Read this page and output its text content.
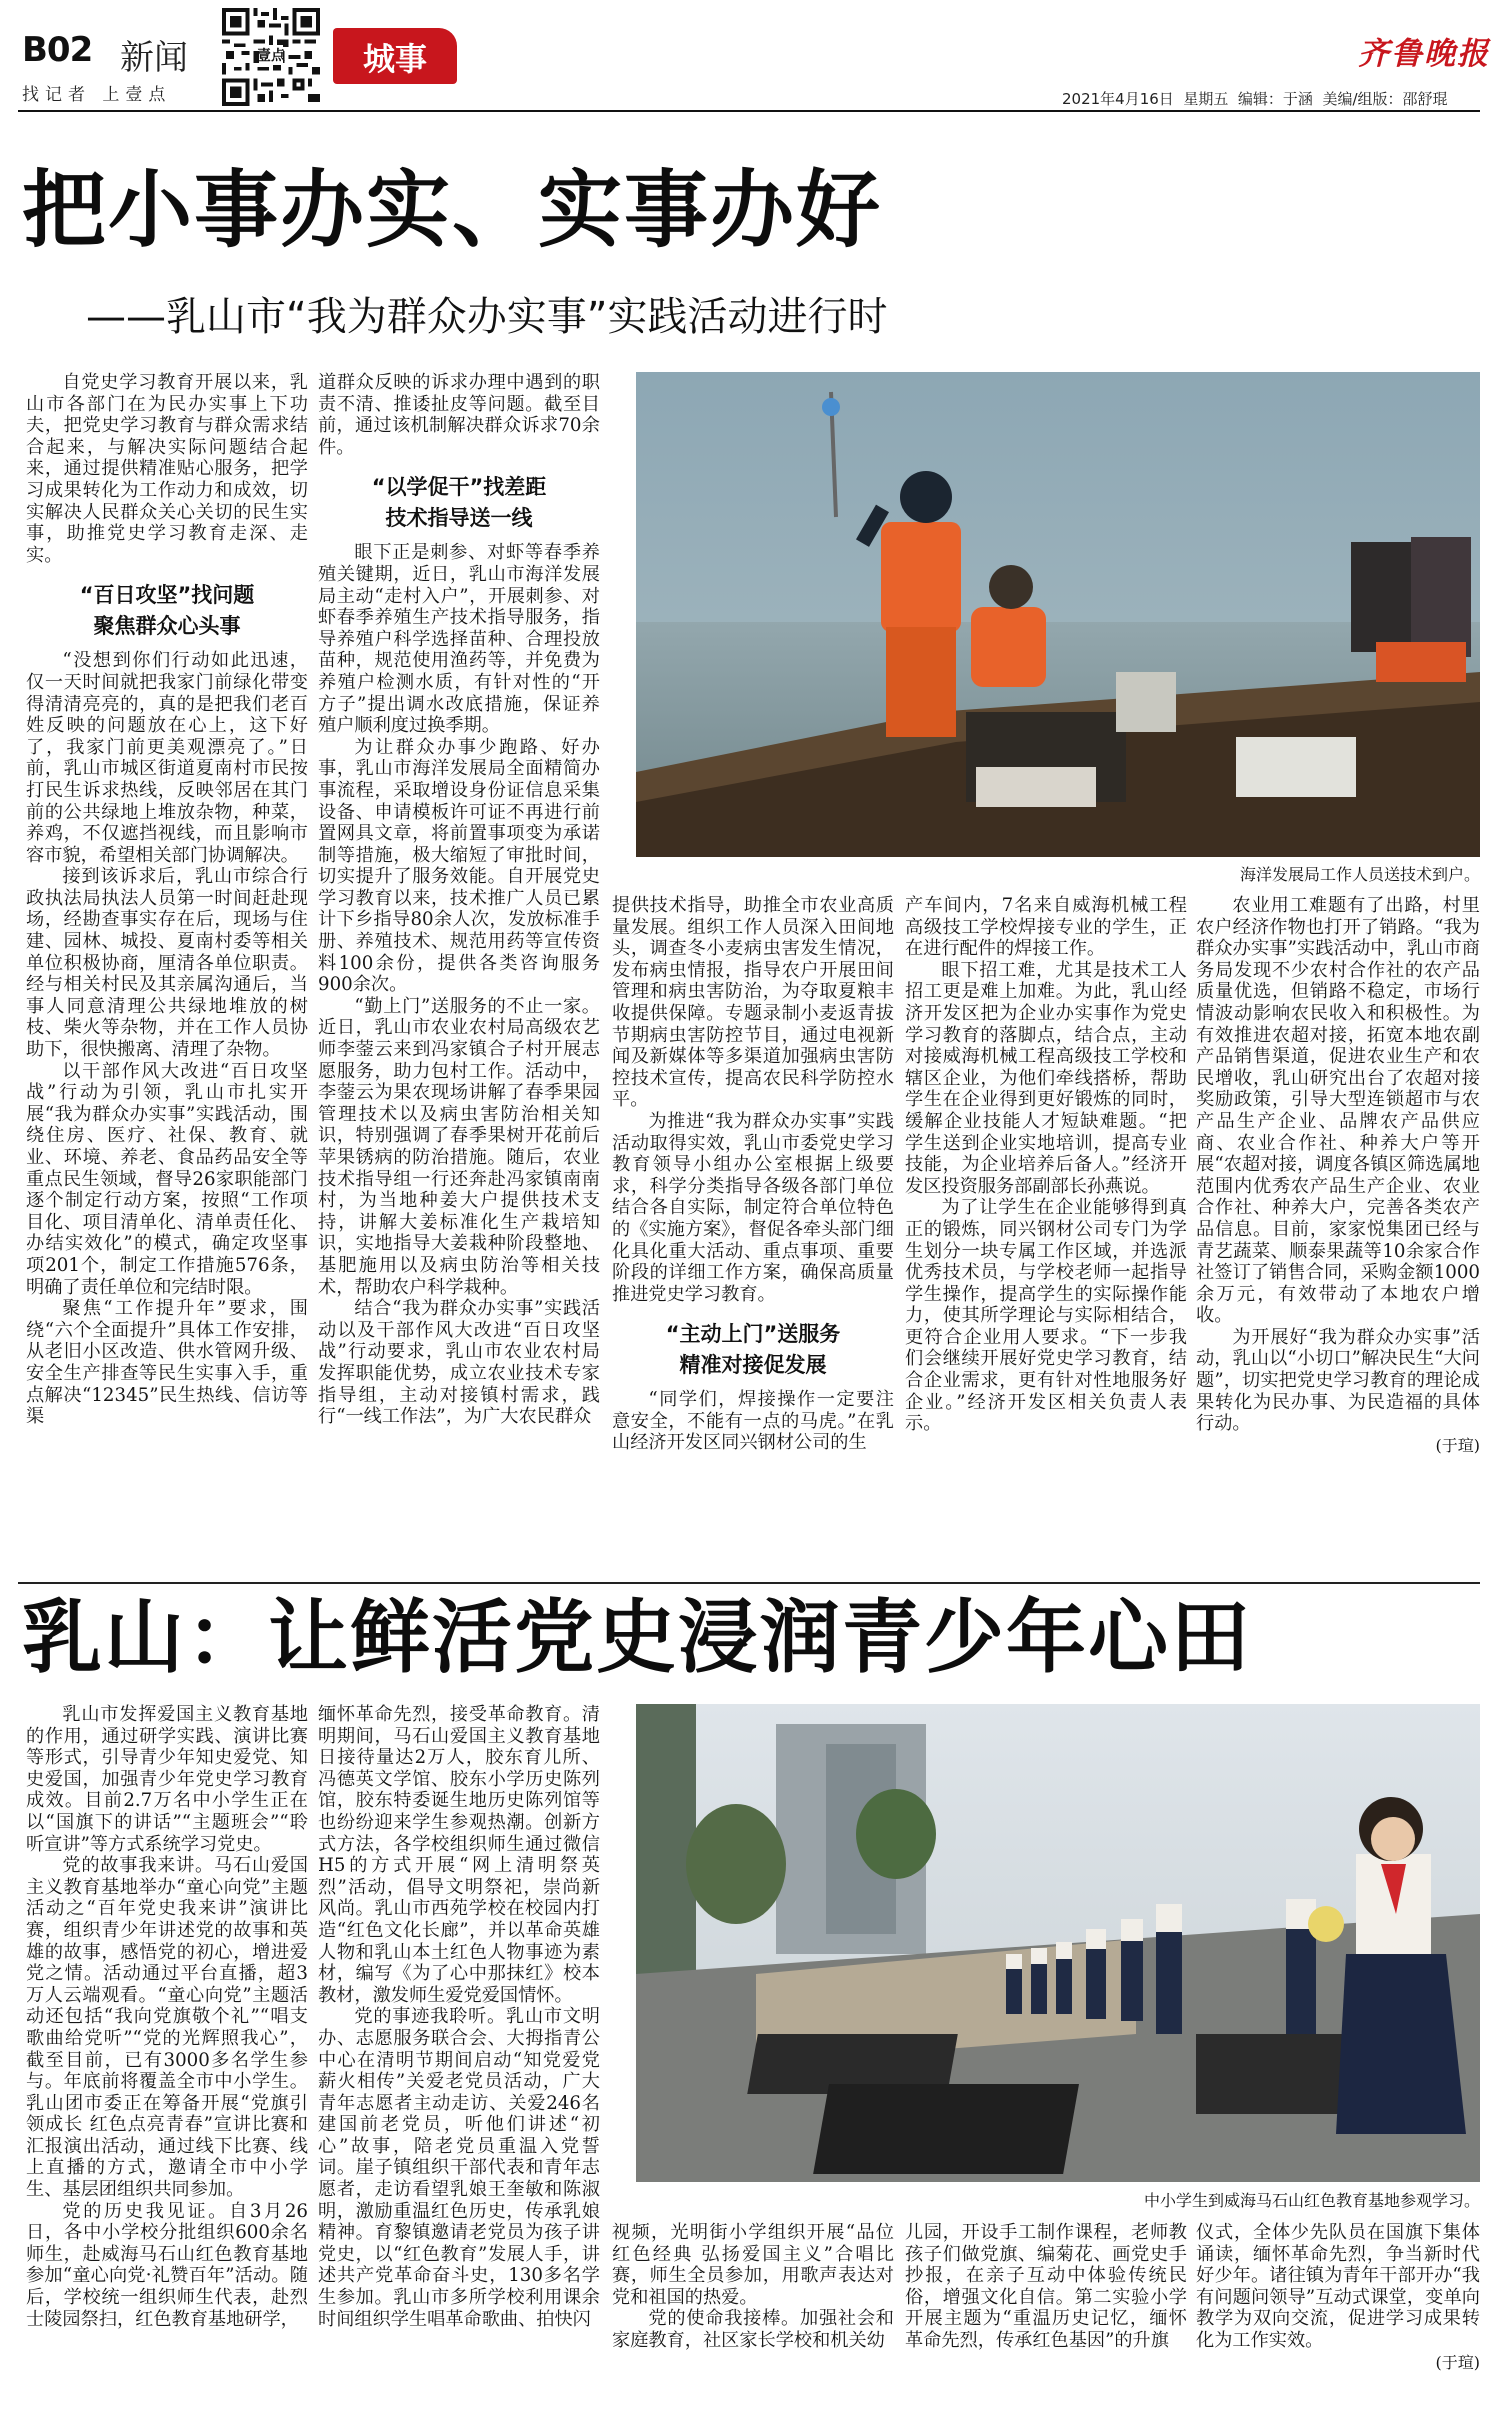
B02 新闻
找记者 上壹点
壹点	城事	齐鲁晚报
2021年4月16日 星期五 编辑：于涵 美编/组版：邵舒琨
把小事办实、实事办好
——乳山市“我为群众办实事”实践活动进行时
海洋发展局工作人员送技术到户。

自党史学习教育开展以来，乳山市各部门在为民办实事上下功夫，把党史学习教育与群众需求结合起来，与解决实际问题结合起来，通过提供精准贴心服务，把学习成果转化为工作动力和成效，切实解决人民群众关心关切的民生实事，助推党史学习教育走深、走实。

“百日攻坚”找问题
聚焦群众心头事

“没想到你们行动如此迅速，仅一天时间就把我家门前绿化带变得清清亮亮的，真的是把我们老百姓反映的问题放在心上，这下好了，我家门前更美观漂亮了。”日前，乳山市城区街道夏南村市民按打民生诉求热线，反映邻居在其门前的公共绿地上堆放杂物，种菜，养鸡，不仅遮挡视线，而且影响市容市貌，希望相关部门协调解决。

接到该诉求后，乳山市综合行政执法局执法人员第一时间赶赴现场，经勘查事实存在后，现场与住建、园林、城投、夏南村委等相关单位积极协商，厘清各单位职责。经与相关村民及其亲属沟通后，当事人同意清理公共绿地堆放的树枝、柴火等杂物，并在工作人员协助下，很快搬离、清理了杂物。

以干部作风大改进“百日攻坚战”行动为引领，乳山市扎实开展“我为群众办实事”实践活动，围绕住房、医疗、社保、教育、就业、环境、养老、食品药品安全等重点民生领域，督导26家职能部门逐个制定行动方案，按照“工作项目化、项目清单化、清单责任化、办结实效化”的模式，确定攻坚事项201个，制定工作措施576条，明确了责任单位和完结时限。

聚焦“工作提升年”要求，围绕“六个全面提升”具体工作安排，从老旧小区改造、供水管网升级、安全生产排查等民生实事入手，重点解决“12345”民生热线、信访等渠

道群众反映的诉求办理中遇到的职责不清、推诿扯皮等问题。截至目前，通过该机制解决群众诉求70余件。

“以学促干”找差距
技术指导送一线

眼下正是刺参、对虾等春季养殖关键期，近日，乳山市海洋发展局主动“走村入户”，开展刺参、对虾春季养殖生产技术指导服务，指导养殖户科学选择苗种、合理投放苗种，规范使用渔药等，并免费为养殖户检测水质，有针对性的“开方子”提出调水改底措施，保证养殖户顺利度过换季期。

为让群众办事少跑路、好办事，乳山市海洋发展局全面精简办事流程，采取增设身份证信息采集设备、申请模板许可证不再进行前置网具文章，将前置事项变为承诺制等措施，极大缩短了审批时间，切实提升了服务效能。自开展党史学习教育以来，技术推广人员已累计下乡指导80余人次，发放标准手册、养殖技术、规范用药等宣传资料100余份，提供各类咨询服务900余次。

“勤上门”送服务的不止一家。近日，乳山市农业农村局高级农艺师李蓥云来到冯家镇合子村开展志愿服务，助力包村工作。活动中，李蓥云为果农现场讲解了春季果园管理技术以及病虫害防治相关知识，特别强调了春季果树开花前后苹果锈病的防治措施。随后，农业技术指导组一行还奔赴冯家镇南南村，为当地种姜大户提供技术支持，讲解大姜标准化生产栽培知识，实地指导大姜栽种阶段整地、基肥施用以及病虫防治等相关技术，帮助农户科学栽种。

结合“我为群众办实事”实践活动以及干部作风大改进“百日攻坚战”行动要求，乳山市农业农村局发挥职能优势，成立农业技术专家指导组，主动对接镇村需求，践行“一线工作法”，为广大农民群众

提供技术指导，助推全市农业高质量发展。组织工作人员深入田间地头，调查冬小麦病虫害发生情况，发布病虫情报，指导农户开展田间管理和病虫害防治，为夺取夏粮丰收提供保障。专题录制小麦返青拔节期病虫害防控节目，通过电视新闻及新媒体等多渠道加强病虫害防控技术宣传，提高农民科学防控水平。

为推进“我为群众办实事”实践活动取得实效，乳山市委党史学习教育领导小组办公室根据上级要求，科学分类指导各级各部门单位结合各自实际，制定符合单位特色的《实施方案》，督促各牵头部门细化具化重大活动、重点事项、重要阶段的详细工作方案，确保高质量推进党史学习教育。

“主动上门”送服务
精准对接促发展

“同学们，焊接操作一定要注意安全，不能有一点的马虎。”在乳山经济开发区同兴钢材公司的生

产车间内，7名来自威海机械工程高级技工学校焊接专业的学生，正在进行配件的焊接工作。

眼下招工难，尤其是技术工人招工更是难上加难。为此，乳山经济开发区把为企业办实事作为党史学习教育的落脚点，结合点，主动对接威海机械工程高级技工学校和辖区企业，为他们牵线搭桥，帮助学生在企业得到更好锻炼的同时，缓解企业技能人才短缺难题。“把学生送到企业实地培训，提高专业技能，为企业培养后备人。”经济开发区投资服务部副部长孙燕说。

为了让学生在企业能够得到真正的锻炼，同兴钢材公司专门为学生划分一块专属工作区域，并选派优秀技术员，与学校老师一起指导学生操作，提高学生的实际操作能力，使其所学理论与实际相结合，更符合企业用人要求。“下一步我们会继续开展好党史学习教育，结合企业需求，更有针对性地服务好企业。”经济开发区相关负责人表示。

农业用工难题有了出路，村里农户经济作物也打开了销路。“我为群众办实事”实践活动中，乳山市商务局发现不少农村合作社的农产品质量优选，但销路不稳定，市场行情波动影响农民收入和积极性。为有效推进农超对接，拓宽本地农副产品销售渠道，促进农业生产和农民增收，乳山研究出台了农超对接奖励政策，引导大型连锁超市与农产品生产企业、品牌农产品供应商、农业合作社、种养大户等开展“农超对接，调度各镇区筛选属地范围内优秀农产品生产企业、农业合作社、种养大户，完善各类农产品信息。目前，家家悦集团已经与青艺蔬菜、顺泰果蔬等10余家合作社签订了销售合同，采购金额1000余万元，有效带动了本地农户增收。

为开展好“我为群众办实事”活动，乳山以“小切口”解决民生“大问题”，切实把党史学习教育的理论成果转化为民办事、为民造福的具体行动。

(于瑄)
乳山：让鲜活党史浸润青少年心田
中小学生到威海马石山红色教育基地参观学习。

乳山市发挥爱国主义教育基地的作用，通过研学实践、演讲比赛等形式，引导青少年知史爱党、知史爱国，加强青少年党史学习教育成效。目前2.7万名中小学生正在以“国旗下的讲话”“主题班会”“聆听宣讲”等方式系统学习党史。

党的故事我来讲。马石山爱国主义教育基地举办“童心向党”主题活动之“百年党史我来讲”演讲比赛，组织青少年讲述党的故事和英雄的故事，感悟党的初心，增进爱党之情。活动通过平台直播，超3万人云端观看。“童心向党”主题活动还包括“我向党旗敬个礼”“唱支歌曲给党听”“党的光辉照我心”，截至目前，已有3000多名学生参与。年底前将覆盖全市中小学生。乳山团市委正在筹备开展“党旗引领成长 红色点亮青春”宣讲比赛和汇报演出活动，通过线下比赛、线上直播的方式，邀请全市中小学生、基层团组织共同参加。

党的历史我见证。自3月26日，各中小学校分批组织600余名师生，赴威海马石山红色教育基地参加“童心向党·礼赞百年”活动。随后，学校统一组织师生代表，赴烈士陵园祭扫，红色教育基地研学，

缅怀革命先烈，接受革命教育。清明期间，马石山爱国主义教育基地日接待量达2万人，胶东育儿所、冯德英文学馆、胶东小学历史陈列馆，胶东特委诞生地历史陈列馆等也纷纷迎来学生参观热潮。创新方式方法，各学校组织师生通过微信H5的方式开展“网上清明祭英烈”活动，倡导文明祭祀，崇尚新风尚。乳山市西苑学校在校园内打造“红色文化长廊”，并以革命英雄人物和乳山本土红色人物事迹为素材，编写《为了心中那抹红》校本教材，激发师生爱党爱国情怀。

党的事迹我聆听。乳山市文明办、志愿服务联合会、大拇指青公中心在清明节期间启动“知党爱党 薪火相传”关爱老党员活动，广大青年志愿者主动走访、关爱246名建国前老党员，听他们讲述“初心”故事，陪老党员重温入党誓词。崖子镇组织干部代表和青年志愿者，走访看望乳娘王奎敏和陈淑明，激励重温红色历史，传承乳娘精神。育黎镇邀请老党员为孩子讲党史，以“红色教育”发展人手，讲述共产党革命奋斗史，130多名学生参加。乳山市多所学校利用课余时间组织学生唱革命歌曲、拍快闪

视频，光明街小学组织开展“品位红色经典 弘扬爱国主义”合唱比赛，师生全员参加，用歌声表达对党和祖国的热爱。

党的使命我接棒。加强社会和家庭教育，社区家长学校和机关幼

儿园，开设手工制作课程，老师教孩子们做党旗、编菊花、画党史手抄报，在亲子互动中体验传统民俗，增强文化自信。第二实验小学开展主题为“重温历史记忆，缅怀革命先烈，传承红色基因”的升旗

仪式，全体少先队员在国旗下集体诵读，缅怀革命先烈，争当新时代好少年。诸往镇为青年干部开办“我有问题问领导”互动式课堂，变单向教学为双向交流，促进学习成果转化为工作实效。

(于瑄)
